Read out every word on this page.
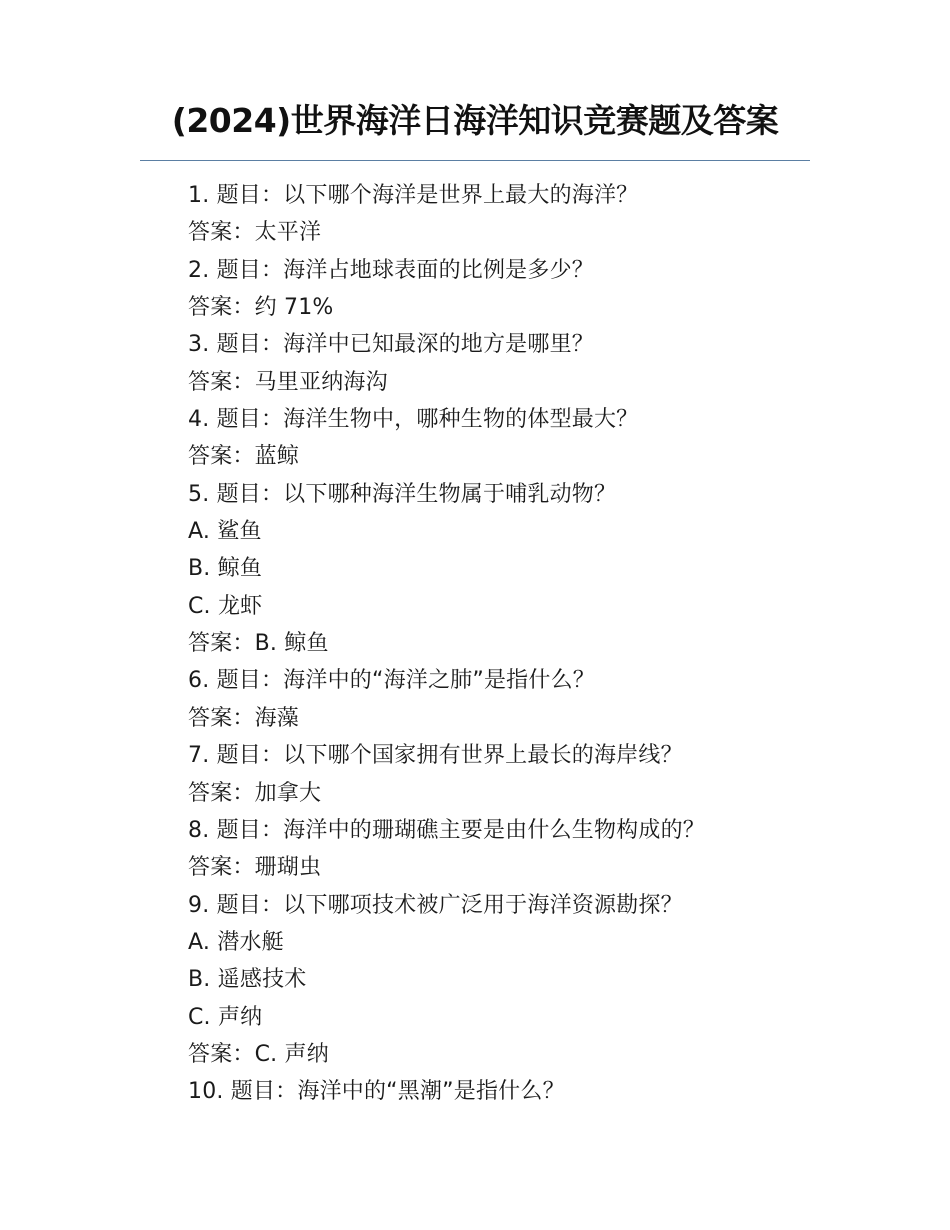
(2024)世界海洋日海洋知识竞赛题及答案
1. 题目：以下哪个海洋是世界上最大的海洋？
答案：太平洋
2. 题目：海洋占地球表面的比例是多少？
答案：约 71%
3. 题目：海洋中已知最深的地方是哪里？
答案：马里亚纳海沟
4. 题目：海洋生物中，哪种生物的体型最大？
答案：蓝鲸
5. 题目：以下哪种海洋生物属于哺乳动物？
A. 鲨鱼
B. 鲸鱼
C. 龙虾
答案：B. 鲸鱼
6. 题目：海洋中的“海洋之肺”是指什么？
答案：海藻
7. 题目：以下哪个国家拥有世界上最长的海岸线？
答案：加拿大
8. 题目：海洋中的珊瑚礁主要是由什么生物构成的？
答案：珊瑚虫
9. 题目：以下哪项技术被广泛用于海洋资源勘探？
A. 潜水艇
B. 遥感技术
C. 声纳
答案：C. 声纳
10. 题目：海洋中的“黑潮”是指什么？
